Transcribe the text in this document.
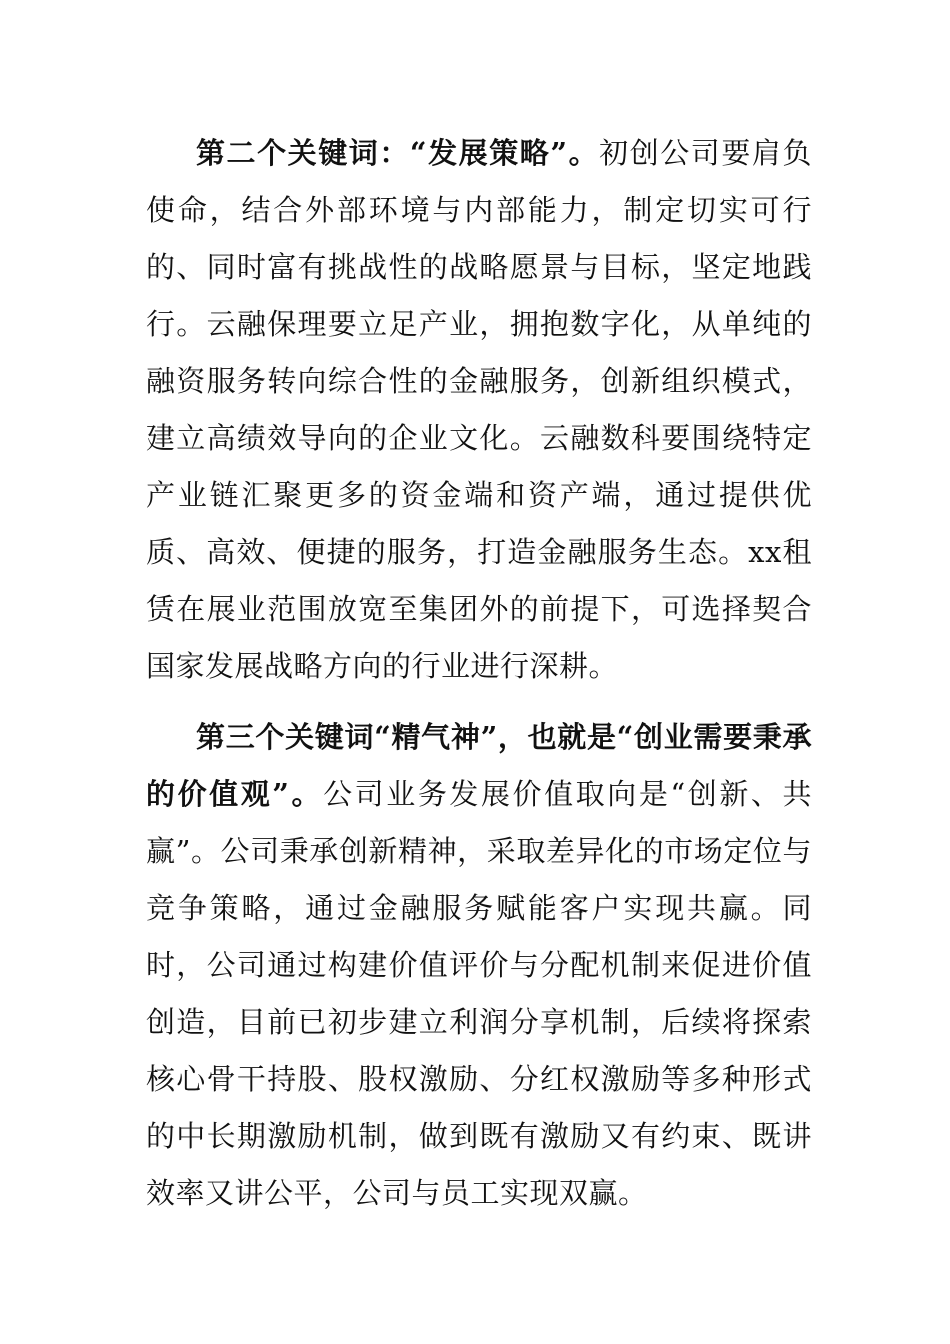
第二个关键词：“发展策略”。初创公司要肩负使命，结合外部环境与内部能力，制定切实可行的、同时富有挑战性的战略愿景与目标，坚定地践行。云融保理要立足产业，拥抱数字化，从单纯的融资服务转向综合性的金融服务，创新组织模式，建立高绩效导向的企业文化。云融数科要围绕特定产业链汇聚更多的资金端和资产端，通过提供优质、高效、便捷的服务，打造金融服务生态。xx租赁在展业范围放宽至集团外的前提下，可选择契合国家发展战略方向的行业进行深耕。

第三个关键词“精气神”，也就是“创业需要秉承的价值观”。公司业务发展价值取向是“创新、共赢”。公司秉承创新精神，采取差异化的市场定位与竞争策略，通过金融服务赋能客户实现共赢。同时，公司通过构建价值评价与分配机制来促进价值创造，目前已初步建立利润分享机制，后续将探索核心骨干持股、股权激励、分红权激励等多种形式的中长期激励机制，做到既有激励又有约束、既讲效率又讲公平，公司与员工实现双赢。
